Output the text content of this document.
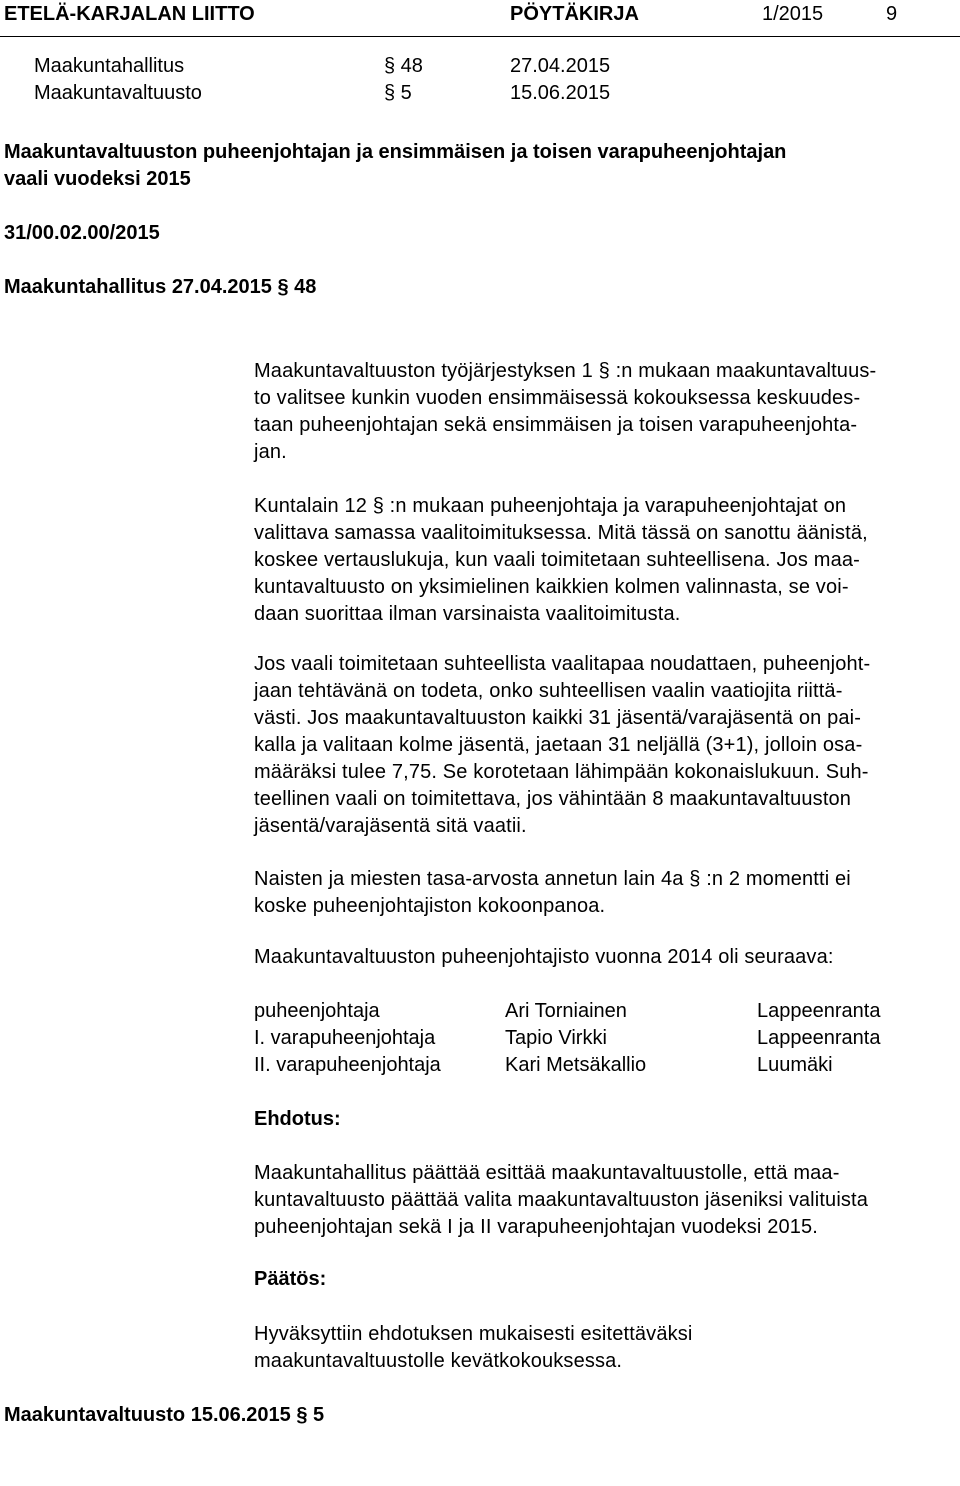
ETELÄ-KARJALAN LIITTO	PÖYTÄKIRJA	1/2015	9
Maakuntahallitus	§ 48	27.04.2015
Maakuntavaltuusto	§ 5	15.06.2015
Maakuntavaltuuston puheenjohtajan ja ensimmäisen ja toisen varapuheenjohtajan
vaali vuodeksi 2015
31/00.02.00/2015
Maakuntahallitus 27.04.2015 § 48
Maakuntavaltuuston työjärjestyksen 1 § :n mukaan maakuntavaltuus-
to valitsee kunkin vuoden ensimmäisessä kokouksessa keskuudes-
taan puheenjohtajan sekä ensimmäisen ja toisen varapuheenjohta-
jan.
Kuntalain 12 § :n mukaan puheenjohtaja ja varapuheenjohtajat on
valittava samassa vaalitoimituksessa. Mitä tässä on sanottu äänistä,
koskee vertauslukuja, kun vaali toimitetaan suhteellisena. Jos maa-
kuntavaltuusto on yksimielinen kaikkien kolmen valinnasta, se voi-
daan suorittaa ilman varsinaista vaalitoimitusta.
Jos vaali toimitetaan suhteellista vaalitapaa noudattaen, puheenjoht-
jaan tehtävänä on todeta, onko suhteellisen vaalin vaatiojita riittä-
västi. Jos maakuntavaltuuston kaikki 31 jäsentä/varajäsentä on pai-
kalla ja valitaan kolme jäsentä, jaetaan 31 neljällä (3+1), jolloin osa-
määräksi tulee 7,75. Se korotetaan lähimpään kokonaislukuun. Suh-
teellinen vaali on toimitettava, jos vähintään 8 maakuntavaltuuston
jäsentä/varajäsentä sitä vaatii.
Naisten ja miesten tasa-arvosta annetun lain 4a § :n 2 momentti ei
koske puheenjohtajiston kokoonpanoa.
Maakuntavaltuuston puheenjohtajisto vuonna 2014 oli seuraava:
puheenjohtaja	Ari Torniainen	Lappeenranta
I. varapuheenjohtaja	Tapio Virkki	Lappeenranta
II. varapuheenjohtaja	Kari Metsäkallio	Luumäki
Ehdotus:
Maakuntahallitus päättää esittää maakuntavaltuustolle, että maa-
kuntavaltuusto päättää valita maakuntavaltuuston jäseniksi valituista
puheenjohtajan sekä I ja II varapuheenjohtajan vuodeksi 2015.
Päätös:
Hyväksyttiin ehdotuksen mukaisesti esitettäväksi
maakuntavaltuustolle kevätkokouksessa.
Maakuntavaltuusto 15.06.2015 § 5
